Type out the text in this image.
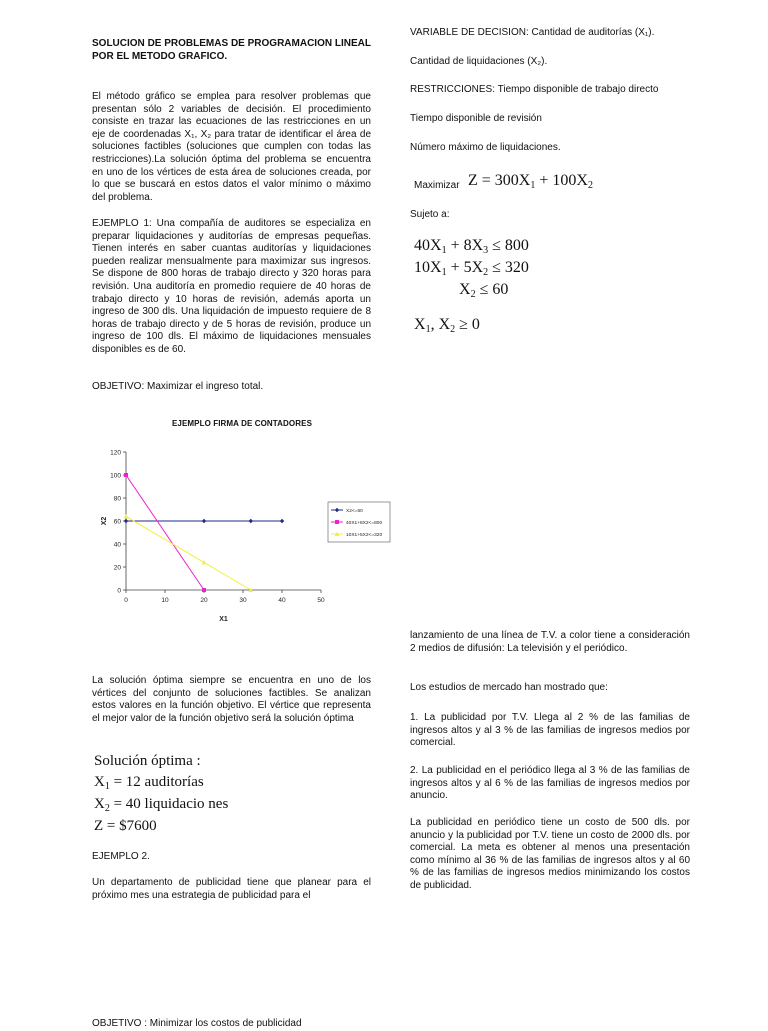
SOLUCION DE PROBLEMAS DE PROGRAMACION LINEAL POR EL METODO GRAFICO.

El método gráfico se emplea para resolver problemas que presentan sólo 2 variables de decisión. El procedimiento consiste en trazar las ecuaciones de las restricciones en un eje de coordenadas X₁, X₂ para tratar de identificar el área de soluciones factibles (soluciones que cumplen con todas las restricciones).La solución óptima del problema se encuentra en uno de los vértices de esta área de soluciones creada, por lo que se buscará en estos datos el valor mínimo o máximo del problema.

EJEMPLO 1: Una compañía de auditores se especializa en preparar liquidaciones y auditorías de empresas pequeñas. Tienen interés en saber cuantas auditorías y liquidaciones pueden realizar mensualmente para maximizar sus ingresos. Se dispone de 800 horas de trabajo directo y 320 horas para revisión. Una auditoría en promedio requiere de 40 horas de trabajo directo y 10 horas de revisión, además aporta un ingreso de 300 dls. Una liquidación de impuesto requiere de 8 horas de trabajo directo y de 5 horas de revisión, produce un ingreso de 100 dls. El máximo de liquidaciones mensuales disponibles es de 60.

OBJETIVO: Maximizar el ingreso total.

EJEMPLO FIRMA DE CONTADORES
0
20
40
60
80
100
120
0	10	20	30	40	50
X1
X2
X2<=60
40X1+8X2<=800
10X1+5X2<=320

La solución óptima siempre se encuentra en uno de los vértices del conjunto de soluciones factibles. Se analizan estos valores en la función objetivo. El vértice que representa el mejor valor de la función objetivo será la solución óptima

Solución óptima :
$X_1 = 12$ auditorías
$X_2 = 40$ liquidacio nes
Z = $7600

EJEMPLO 2.

Un departamento de publicidad tiene que planear para el próximo mes una estrategia de publicidad para el

OBJETIVO : Minimizar los costos de publicidad

VARIABLE DE DECISION: Cantidad de auditorías (X₁).

Cantidad de liquidaciones (X₂).

RESTRICCIONES: Tiempo disponible de trabajo directo

Tiempo disponible de revisión

Número máximo de liquidaciones.

Maximizar $Z = 300X_1 + 100X_2$

Sujeto a:

$40X_1 + 8X_3 \le 800$
$10X_1 + 5X_2 \le 320$
$X_2 \le 60$
$X_1$, $X_2 \ge 0$

lanzamiento de una línea de T.V. a color tiene a consideración 2 medios de difusión: La televisión y el periódico.

Los estudios de mercado han mostrado que:

1. La publicidad por T.V. Llega al 2 % de las familias de ingresos altos y al 3 % de las familias de ingresos medios por comercial.

2. La publicidad en el periódico llega al 3 % de las familias de ingresos altos y al 6 % de las familias de ingresos medios por anuncio.

La publicidad en periódico tiene un costo de 500 dls. por anuncio y la publicidad por T.V. tiene un costo de 2000 dls. por comercial. La meta es obtener al menos una presentación como mínimo al 36 % de las familias de ingresos altos y al 60 % de las familias de ingresos medios minimizando los costos de publicidad.
